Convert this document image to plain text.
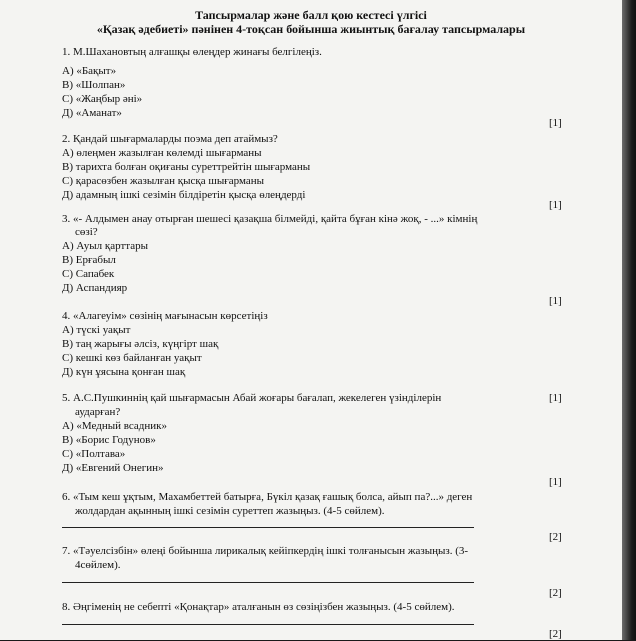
Тапсырмалар және балл қою кестесі үлгісі
«Қазақ әдебиеті» пәнінен 4-тоқсан бойынша жиынтық бағалау тапсырмалары
1. М.Шахановтың алғашқы өлеңдер жинағы белгілеңіз.
А) «Бақыт»
В) «Шолпан»
С) «Жаңбыр әні»
Д) «Аманат»
[1]
2. Қандай шығармаларды поэма деп атаймыз?
А) өлеңмен жазылған көлемді шығарманы
В) тарихта болған оқиғаны суреттрейтін шығарманы
С) қарасөзбен жазылған қысқа шығарманы
Д) адамның ішкі сезімін білдіретін қысқа өлеңдерді
[1]
3. «- Алдымен анау отырған шешесі қазақша білмейді, қайта бұған кінә жоқ, - ...» кімнің
сөзі?
А) Ауыл қарттары
В) Ерғабыл
С) Сапабек
Д) Аспандияр
[1]
4. «Алагеуім» сөзінің мағынасын көрсетіңіз
А) түскі уақыт
В) таң жарығы әлсіз, күңгірт шақ
С) кешкі көз байланған уақыт
Д) күн ұясына қонған шақ
5. А.С.Пушкиннің қай шығармасын Абай жоғары бағалап, жекелеген үзінділерін	[1]
аударған?
А) «Медный всадник»
В) «Борис Годунов»
С) «Полтава»
Д) «Евгений Онегин»
[1]
6. «Тым кеш ұқтым, Махамбеттей батырға, Бүкіл қазақ ғашық болса, айып па?...» деген
жолдардан ақынның ішкі сезімін суреттеп жазыңыз. (4-5 сөйлем).
[2]
7. «Тәуелсізбін» өлеңі бойынша лирикалық кейіпкердің ішкі толғанысын жазыңыз. (3-
4сөйлем).
[2]
8. Әңгіменің не себепті «Қонақтар» аталғанын өз сөзіңізбен жазыңыз. (4-5 сөйлем).
[2]
